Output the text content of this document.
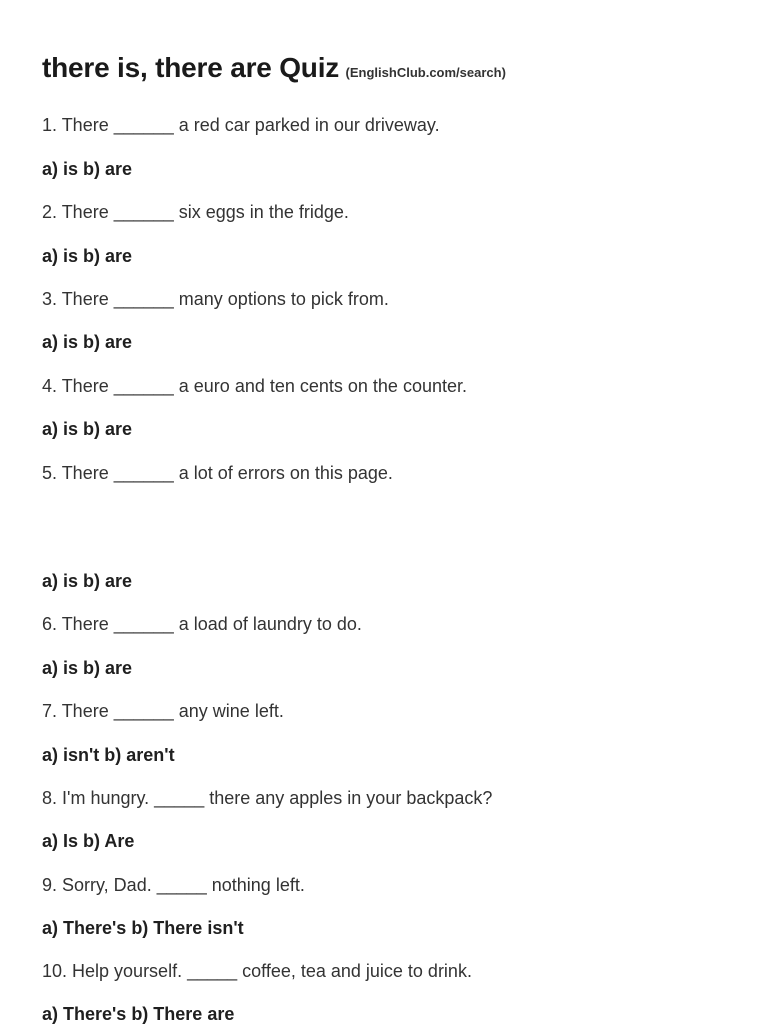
there is, there are Quiz (EnglishClub.com/search)
1. There ______ a red car parked in our driveway.
a) is b) are
2. There ______ six eggs in the fridge.
a) is b) are
3. There ______ many options to pick from.
a) is b) are
4. There ______ a euro and ten cents on the counter.
a) is b) are
5. There ______ a lot of errors on this page.
a) is b) are
6. There ______ a load of laundry to do.
a) is b) are
7. There ______ any wine left.
a) isn't b) aren't
8. I'm hungry. _____ there any apples in your backpack?
a) Is b) Are
9. Sorry, Dad. _____ nothing left.
a) There's b) There isn't
10. Help yourself. _____ coffee, tea and juice to drink.
a) There's b) There are
